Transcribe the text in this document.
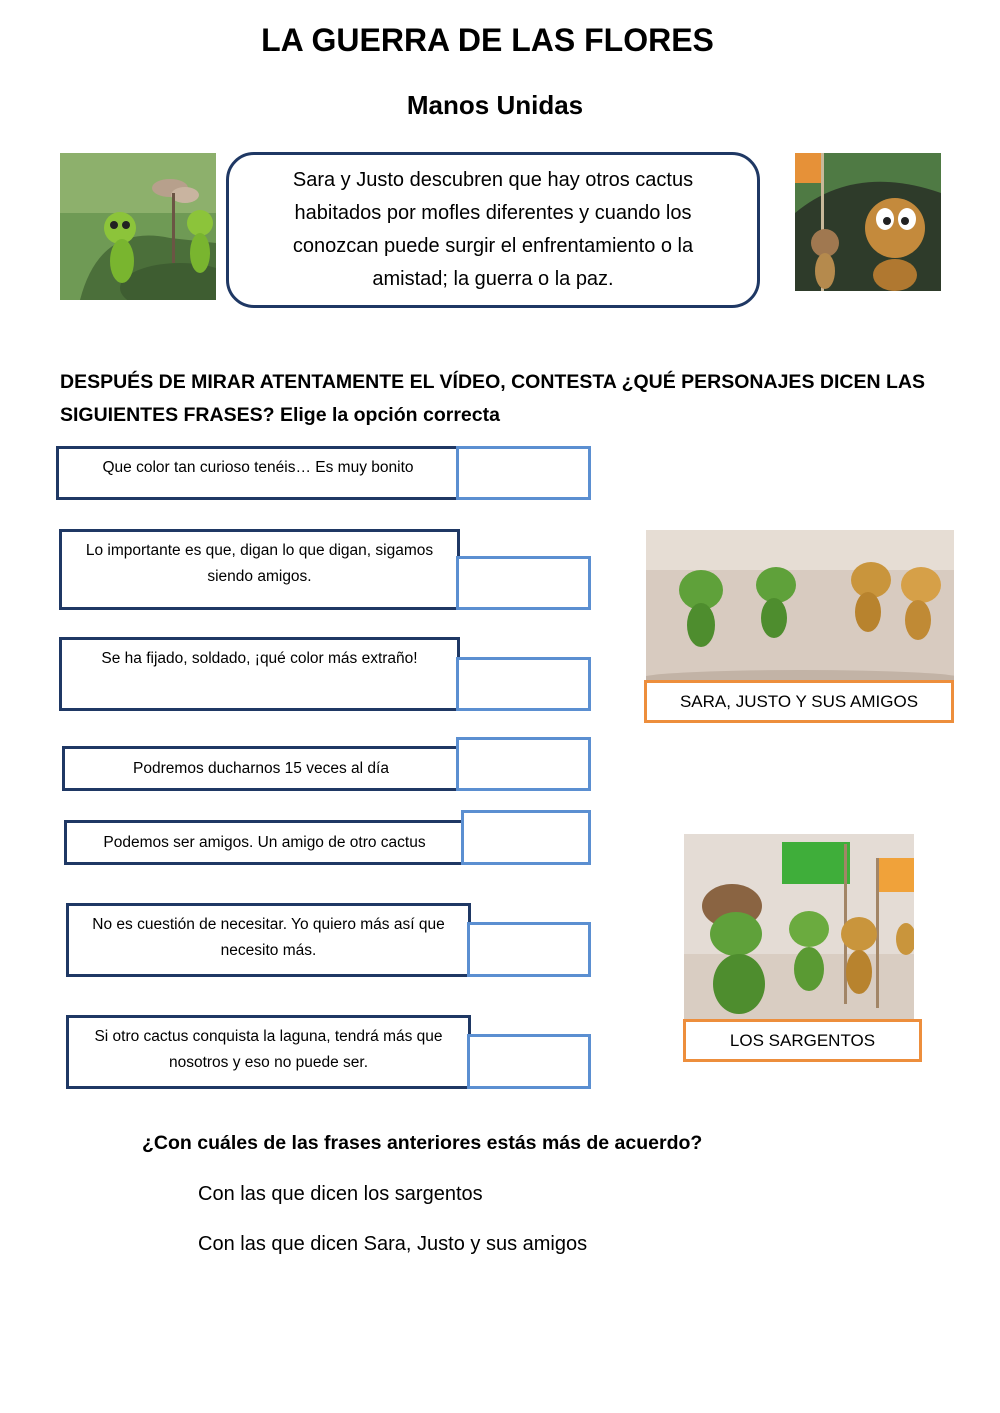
LA GUERRA DE LAS FLORES
Manos Unidas
Sara y Justo descubren que hay otros cactus habitados por mofles diferentes y cuando los conozcan puede surgir el enfrentamiento o la amistad; la guerra o la paz.
DESPUÉS DE MIRAR ATENTAMENTE EL VÍDEO, CONTESTA ¿QUÉ PERSONAJES DICEN LAS SIGUIENTES FRASES? Elige la opción correcta
Que color tan curioso tenéis… Es muy bonito
Lo importante es que, digan lo que digan, sigamos siendo amigos.
Se ha fijado, soldado, ¡qué color más extraño!
Podremos ducharnos 15 veces al día
Podemos ser amigos. Un amigo de otro cactus
No es cuestión de necesitar. Yo quiero más así que necesito más.
Si otro cactus conquista la laguna, tendrá más que nosotros y eso no puede ser.
SARA, JUSTO Y SUS AMIGOS
LOS SARGENTOS
¿Con cuáles de las frases anteriores estás más de acuerdo?
Con las que dicen los sargentos
Con las que dicen Sara, Justo y sus amigos
